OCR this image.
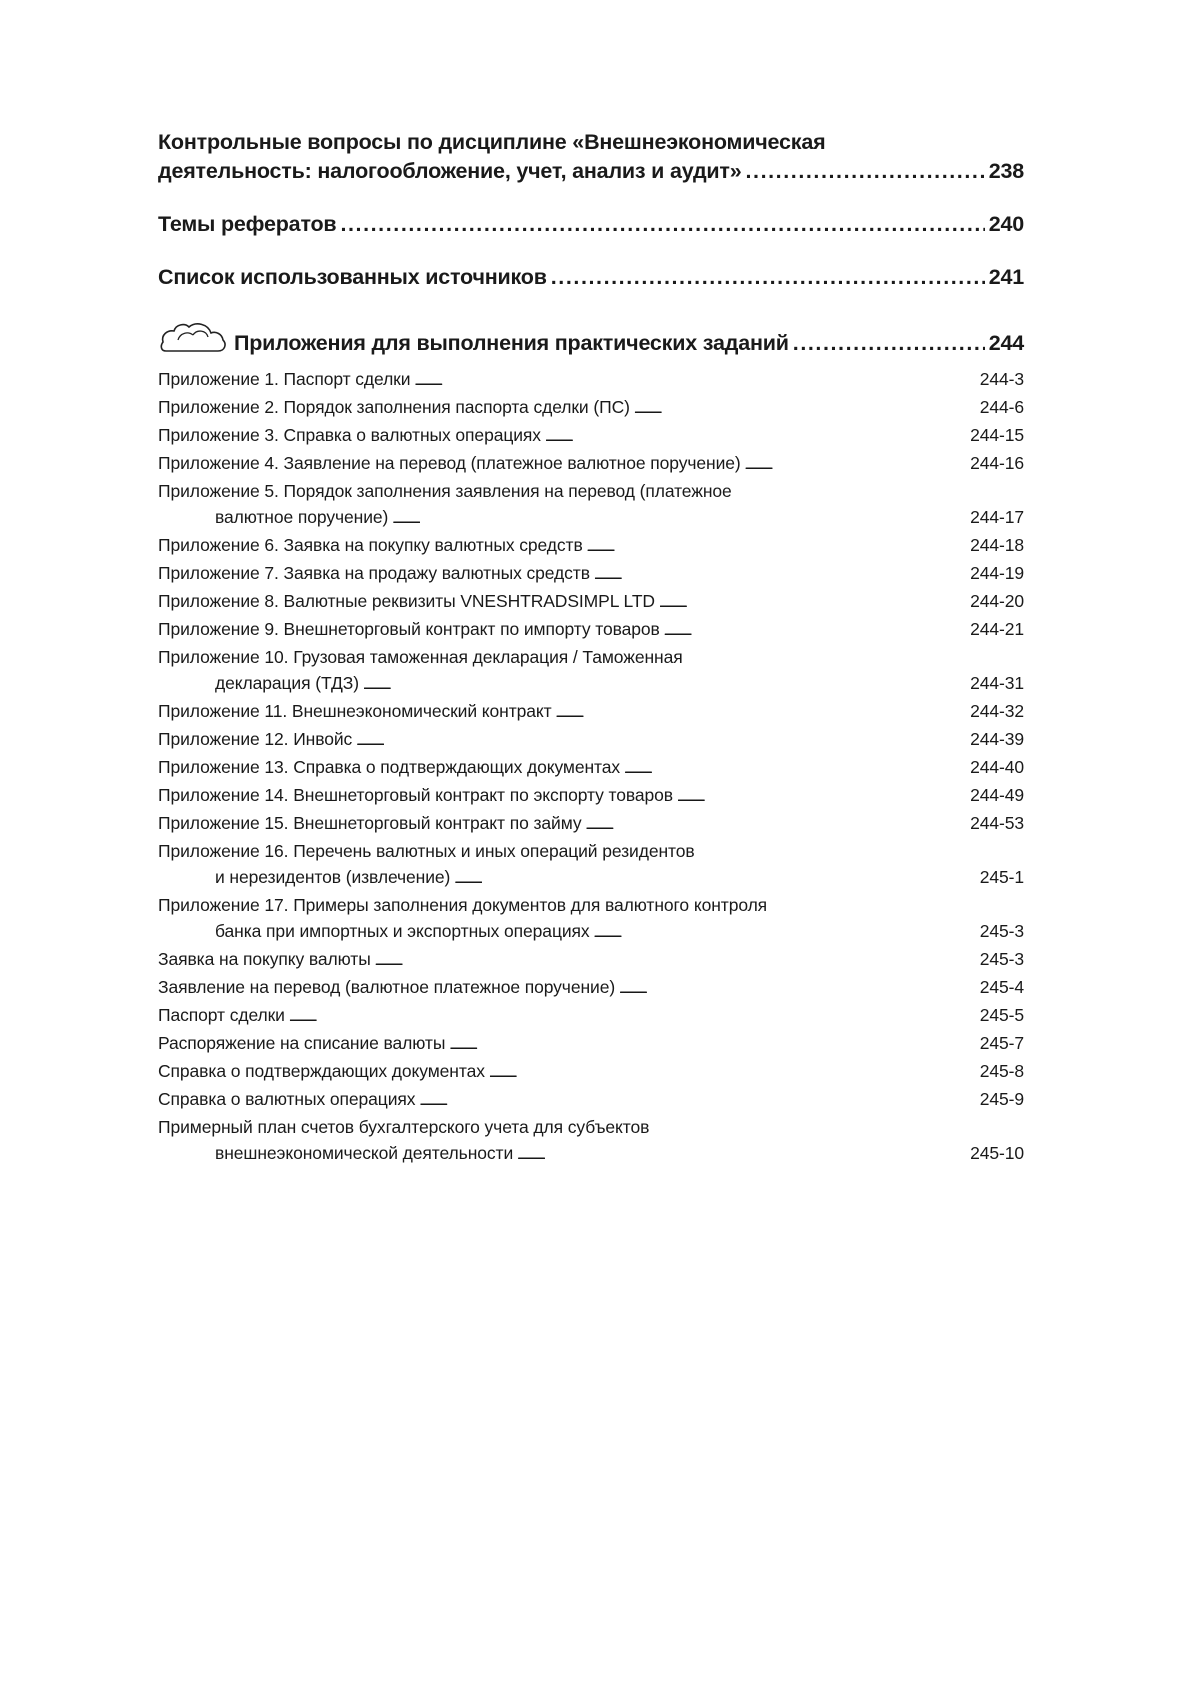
Контрольные вопросы по дисциплине «Внешнеэкономическая
деятельность: налогообложение, учет, анализ и аудит» . . .	238
Темы рефератов . . .	240
Список использованных источников . . .	241
Приложения для выполнения практических заданий . . .	244
Приложение 1. Паспорт сделки . . .	244-3
Приложение 2. Порядок заполнения паспорта сделки (ПС) . . .	244-6
Приложение 3. Справка о валютных операциях . . .	244-15
Приложение 4. Заявление на перевод (платежное валютное поручение) . . .	244-16
Приложение 5. Порядок заполнения заявления на перевод (платежное
валютное поручение) . . .	244-17
Приложение 6. Заявка на покупку валютных средств . . .	244-18
Приложение 7. Заявка на продажу валютных средств . . .	244-19
Приложение 8. Валютные реквизиты VNESHTRADSIMPL LTD . . .	244-20
Приложение 9. Внешнеторговый контракт по импорту товаров . . .	244-21
Приложение 10. Грузовая таможенная декларация / Таможенная
декларация (ТДЗ) . . .	244-31
Приложение 11. Внешнеэкономический контракт . . .	244-32
Приложение 12. Инвойс . . .	244-39
Приложение 13. Справка о подтверждающих документах . . .	244-40
Приложение 14. Внешнеторговый контракт по экспорту товаров . . .	244-49
Приложение 15. Внешнеторговый контракт по займу . . .	244-53
Приложение 16. Перечень валютных и иных операций резидентов
и нерезидентов (извлечение) . . .	245-1
Приложение 17. Примеры заполнения документов для валютного контроля
банка при импортных и экспортных операциях . . .	245-3
Заявка на покупку валюты . . .	245-3
Заявление на перевод (валютное платежное поручение) . . .	245-4
Паспорт сделки . . .	245-5
Распоряжение на списание валюты . . .	245-7
Справка о подтверждающих документах . . .	245-8
Справка о валютных операциях . . .	245-9
Примерный план счетов бухгалтерского учета для субъектов
внешнеэкономической деятельности . . .	245-10
